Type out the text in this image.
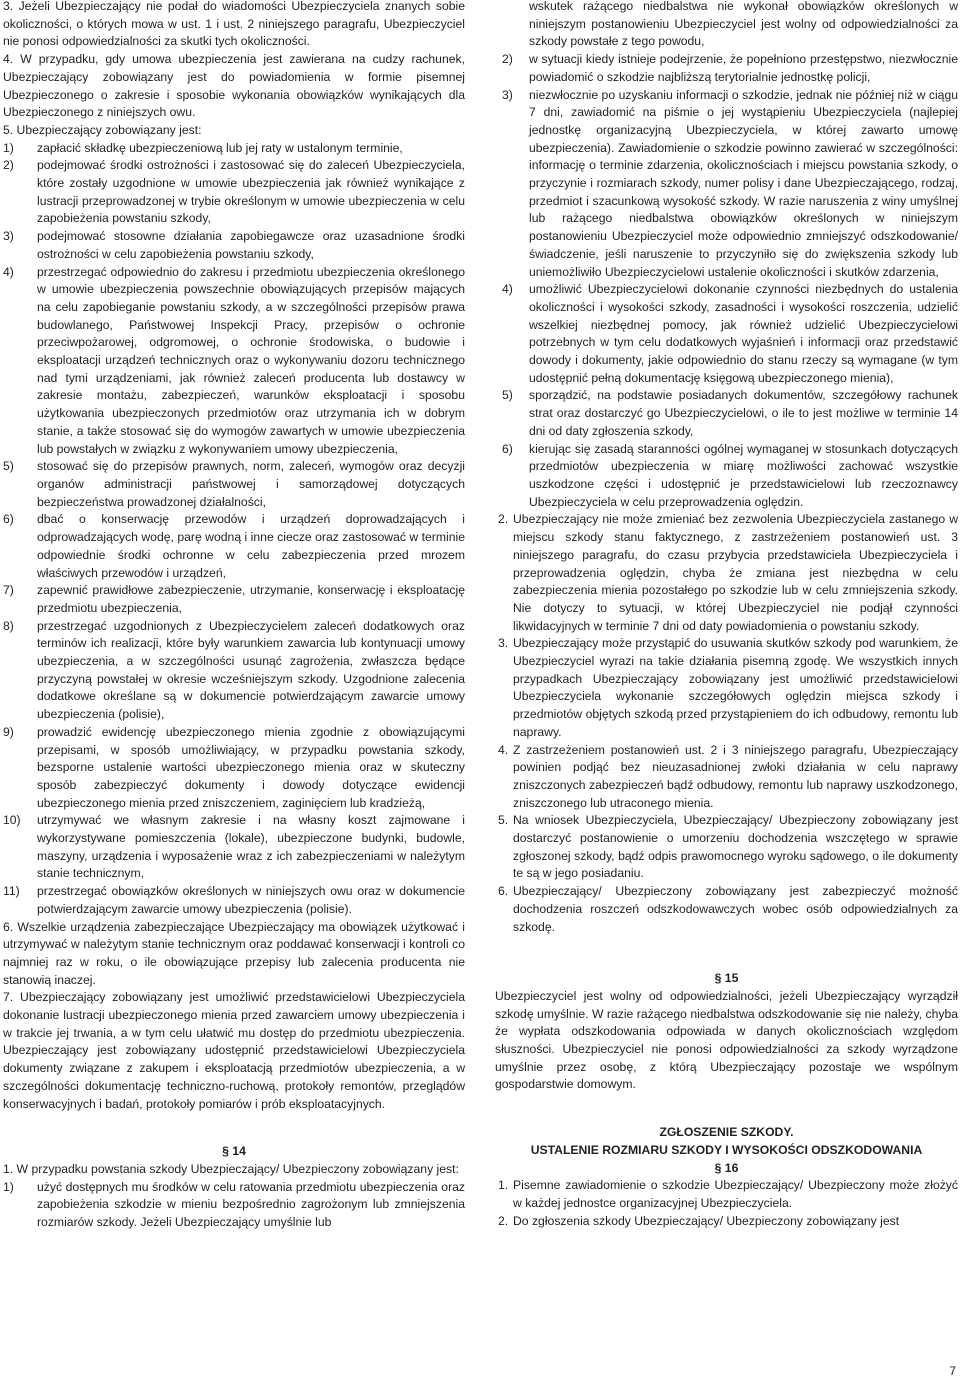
3. Jeżeli Ubezpieczający nie podał do wiadomości Ubezpieczyciela znanych sobie okoliczności, o których mowa w ust. 1 i ust. 2 niniejszego paragrafu, Ubezpieczyciel nie ponosi odpowiedzialności za skutki tych okoliczności.

4. W przypadku, gdy umowa ubezpieczenia jest zawierana na cudzy rachunek, Ubezpieczający zobowiązany jest do powiadomienia w formie pisemnej Ubezpieczonego o zakresie i sposobie wykonania obowiązków wynikających dla Ubezpieczonego z niniejszych owu.

5. Ubezpieczający zobowiązany jest:

1) zapłacić składkę ubezpieczeniową lub jej raty w ustalonym terminie,

2) podejmować środki ostrożności i zastosować się do zaleceń Ubezpieczyciela, które zostały uzgodnione w umowie ubezpieczenia jak również wynikające z lustracji przeprowadzonej w trybie określonym w umowie ubezpieczenia w celu zapobieżenia powstaniu szkody,

3) podejmować stosowne działania zapobiegawcze oraz uzasadnione środki ostrożności w celu zapobieżenia powstaniu szkody,

4) przestrzegać odpowiednio do zakresu i przedmiotu ubezpieczenia określonego w umowie ubezpieczenia powszechnie obowiązujących przepisów mających na celu zapobieganie powstaniu szkody, a w szczególności przepisów prawa budowlanego, Państwowej Inspekcji Pracy, przepisów o ochronie przeciwpożarowej, odgromowej, o ochronie środowiska, o budowie i eksploatacji urządzeń technicznych oraz o wykonywaniu dozoru technicznego nad tymi urządzeniami, jak również zaleceń producenta lub dostawcy w zakresie montażu, zabezpieczeń, warunków eksploatacji i sposobu użytkowania ubezpieczonych przedmiotów oraz utrzymania ich w dobrym stanie, a także stosować się do wymogów zawartych w umowie ubezpieczenia lub powstałych w związku z wykonywaniem umowy ubezpieczenia,

5) stosować się do przepisów prawnych, norm, zaleceń, wymogów oraz decyzji organów administracji państwowej i samorządowej dotyczących bezpieczeństwa prowadzonej działalności,

6) dbać o konserwację przewodów i urządzeń doprowadzających i odprowadzających wodę, parę wodną i inne ciecze oraz zastosować w terminie odpowiednie środki ochronne w celu zabezpieczenia przed mrozem właściwych przewodów i urządzeń,

7) zapewnić prawidłowe zabezpieczenie, utrzymanie, konserwację i eksploatację przedmiotu ubezpieczenia,

8) przestrzegać uzgodnionych z Ubezpieczycielem zaleceń dodatkowych oraz terminów ich realizacji, które były warunkiem zawarcia lub kontynuacji umowy ubezpieczenia, a w szczególności usunąć zagrożenia, zwłaszcza będące przyczyną powstałej w okresie wcześniejszym szkody. Uzgodnione zalecenia dodatkowe określane są w dokumencie potwierdzającym zawarcie umowy ubezpieczenia (polisie),

9) prowadzić ewidencję ubezpieczonego mienia zgodnie z obowiązującymi przepisami, w sposób umożliwiający, w przypadku powstania szkody, bezsporne ustalenie wartości ubezpieczonego mienia oraz w skuteczny sposób zabezpieczyć dokumenty i dowody dotyczące ewidencji ubezpieczonego mienia przed zniszczeniem, zaginięciem lub kradzieżą,

10) utrzymywać we własnym zakresie i na własny koszt zajmowane i wykorzystywane pomieszczenia (lokale), ubezpieczone budynki, budowle, maszyny, urządzenia i wyposażenie wraz z ich zabezpieczeniami w należytym stanie technicznym,

11) przestrzegać obowiązków określonych w niniejszych owu oraz w dokumencie potwierdzającym zawarcie umowy ubezpieczenia (polisie).

6. Wszelkie urządzenia zabezpieczające Ubezpieczający ma obowiązek użytkować i utrzymywać w należytym stanie technicznym oraz poddawać konserwacji i kontroli co najmniej raz w roku, o ile obowiązujące przepisy lub zalecenia producenta nie stanowią inaczej.

7. Ubezpieczający zobowiązany jest umożliwić przedstawicielowi Ubezpieczyciela dokonanie lustracji ubezpieczonego mienia przed zawarciem umowy ubezpieczenia i w trakcie jej trwania, a w tym celu ułatwić mu dostęp do przedmiotu ubezpieczenia. Ubezpieczający jest zobowiązany udostępnić przedstawicielowi Ubezpieczyciela dokumenty związane z zakupem i eksploatacją przedmiotów ubezpieczenia, a w szczególności dokumentację techniczno-ruchową, protokoły remontów, przeglądów konserwacyjnych i badań, protokoły pomiarów i prób eksploatacyjnych.

§ 14

1. W przypadku powstania szkody Ubezpieczający/ Ubezpieczony zobowiązany jest:

1) użyć dostępnych mu środków w celu ratowania przedmiotu ubezpieczenia oraz zapobieżenia szkodzie w mieniu bezpośrednio zagrożonym lub zmniejszenia rozmiarów szkody. Jeżeli Ubezpieczający umyślnie lub

wskutek rażącego niedbalstwa nie wykonał obowiązków określonych w niniejszym postanowieniu Ubezpieczyciel jest wolny od odpowiedzialności za szkody powstałe z tego powodu,

2) w sytuacji kiedy istnieje podejrzenie, że popełniono przestępstwo, niezwłocznie powiadomić o szkodzie najbliższą terytorialnie jednostkę policji,

3) niezwłocznie po uzyskaniu informacji o szkodzie, jednak nie później niż w ciągu 7 dni, zawiadomić na piśmie o jej wystąpieniu Ubezpieczyciela (najlepiej jednostkę organizacyjną Ubezpieczyciela, w której zawarto umowę ubezpieczenia). Zawiadomienie o szkodzie powinno zawierać w szczególności: informację o terminie zdarzenia, okolicznościach i miejscu powstania szkody, o przyczynie i rozmiarach szkody, numer polisy i dane Ubezpieczającego, rodzaj, przedmiot i szacunkową wysokość szkody. W razie naruszenia z winy umyślnej lub rażącego niedbalstwa obowiązków określonych w niniejszym postanowieniu Ubezpieczyciel może odpowiednio zmniejszyć odszkodowanie/ świadczenie, jeśli naruszenie to przyczyniło się do zwiększenia szkody lub uniemożliwiło Ubezpieczycielowi ustalenie okoliczności i skutków zdarzenia,

4) umożliwić Ubezpieczycielowi dokonanie czynności niezbędnych do ustalenia okoliczności i wysokości szkody, zasadności i wysokości roszczenia, udzielić wszelkiej niezbędnej pomocy, jak również udzielić Ubezpieczycielowi potrzebnych w tym celu dodatkowych wyjaśnień i informacji oraz przedstawić dowody i dokumenty, jakie odpowiednio do stanu rzeczy są wymagane (w tym udostępnić pełną dokumentację księgową ubezpieczonego mienia),

5) sporządzić, na podstawie posiadanych dokumentów, szczegółowy rachunek strat oraz dostarczyć go Ubezpieczycielowi, o ile to jest możliwe w terminie 14 dni od daty zgłoszenia szkody,

6) kierując się zasadą staranności ogólnej wymaganej w stosunkach dotyczących przedmiotów ubezpieczenia w miarę możliwości zachować wszystkie uszkodzone części i udostępnić je przedstawicielowi lub rzeczoznawcy Ubezpieczyciela w celu przeprowadzenia oględzin.

2. Ubezpieczający nie może zmieniać bez zezwolenia Ubezpieczyciela zastanego w miejscu szkody stanu faktycznego, z zastrzeżeniem postanowień ust. 3 niniejszego paragrafu, do czasu przybycia przedstawiciela Ubezpieczyciela i przeprowadzenia oględzin, chyba że zmiana jest niezbędna w celu zabezpieczenia mienia pozostałego po szkodzie lub w celu zmniejszenia szkody. Nie dotyczy to sytuacji, w której Ubezpieczyciel nie podjął czynności likwidacyjnych w terminie 7 dni od daty powiadomienia o powstaniu szkody.

3. Ubezpieczający może przystąpić do usuwania skutków szkody pod warunkiem, że Ubezpieczyciel wyrazi na takie działania pisemną zgodę. We wszystkich innych przypadkach Ubezpieczający zobowiązany jest umożliwić przedstawicielowi Ubezpieczyciela wykonanie szczegółowych oględzin miejsca szkody i przedmiotów objętych szkodą przed przystąpieniem do ich odbudowy, remontu lub naprawy.

4. Z zastrzeżeniem postanowień ust. 2 i 3 niniejszego paragrafu, Ubezpieczający powinien podjąć bez nieuzasadnionej zwłoki działania w celu naprawy zniszczonych zabezpieczeń bądź odbudowy, remontu lub naprawy uszkodzonego, zniszczonego lub utraconego mienia.

5. Na wniosek Ubezpieczyciela, Ubezpieczający/ Ubezpieczony zobowiązany jest dostarczyć postanowienie o umorzeniu dochodzenia wszczętego w sprawie zgłoszonej szkody, bądź odpis prawomocnego wyroku sądowego, o ile dokumenty te są w jego posiadaniu.

6. Ubezpieczający/ Ubezpieczony zobowiązany jest zabezpieczyć możność dochodzenia roszczeń odszkodowawczych wobec osób odpowiedzialnych za szkodę.

§ 15

Ubezpieczyciel jest wolny od odpowiedzialności, jeżeli Ubezpieczający wyrządził szkodę umyślnie. W razie rażącego niedbalstwa odszkodowanie się nie należy, chyba że wypłata odszkodowania odpowiada w danych okolicznościach względom słuszności. Ubezpieczyciel nie ponosi odpowiedzialności za szkody wyrządzone umyślnie przez osobę, z którą Ubezpieczający pozostaje we wspólnym gospodarstwie domowym.

ZGŁOSZENIE SZKODY.

USTALENIE ROZMIARU SZKODY I WYSOKOŚCI ODSZKODOWANIA

§ 16

1. Pisemne zawiadomienie o szkodzie Ubezpieczający/ Ubezpieczony może złożyć w każdej jednostce organizacyjnej Ubezpieczyciela.

2. Do zgłoszenia szkody Ubezpieczający/ Ubezpieczony zobowiązany jest

7
